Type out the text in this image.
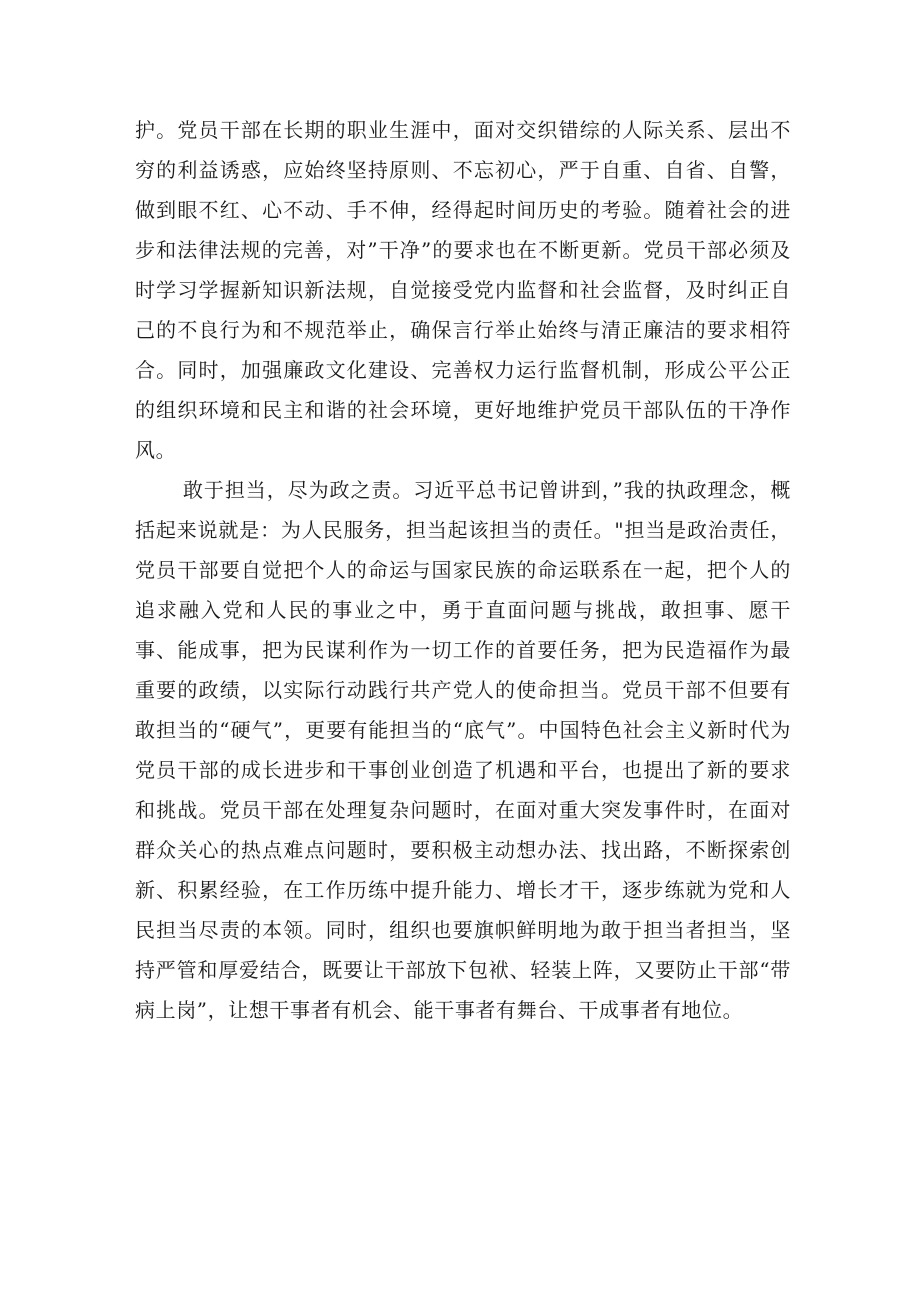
护。党员干部在长期的职业生涯中，面对交织错综的人际关系、层出不穷的利益诱惑，应始终坚持原则、不忘初心，严于自重、自省、自警，做到眼不红、心不动、手不伸，经得起时间历史的考验。随着社会的进步和法律法规的完善，对”干净”的要求也在不断更新。党员干部必须及时学习学握新知识新法规，自觉接受党内监督和社会监督，及时纠正自己的不良行为和不规范举止，确保言行举止始终与清正廉洁的要求相符合。同时，加强廉政文化建设、完善权力运行监督机制，形成公平公正的组织环境和民主和谐的社会环境，更好地维护党员干部队伍的干净作风。

敢于担当，尽为政之责。习近平总书记曾讲到，”我的执政理念，概括起来说就是：为人民服务，担当起该担当的责任。"担当是政治责任，党员干部要自觉把个人的命运与国家民族的命运联系在一起，把个人的追求融入党和人民的事业之中，勇于直面问题与挑战，敢担事、愿干事、能成事，把为民谋利作为一切工作的首要任务，把为民造福作为最重要的政绩，以实际行动践行共产党人的使命担当。党员干部不但要有敢担当的“硬气”，更要有能担当的“底气”。中国特色社会主义新时代为党员干部的成长进步和干事创业创造了机遇和平台，也提出了新的要求和挑战。党员干部在处理复杂问题时，在面对重大突发事件时，在面对群众关心的热点难点问题时，要积极主动想办法、找出路，不断探索创新、积累经验，在工作历练中提升能力、增长才干，逐步练就为党和人民担当尽责的本领。同时，组织也要旗帜鲜明地为敢于担当者担当，坚持严管和厚爱结合，既要让干部放下包袱、轻装上阵，又要防止干部“带病上岗”，让想干事者有机会、能干事者有舞台、干成事者有地位。
